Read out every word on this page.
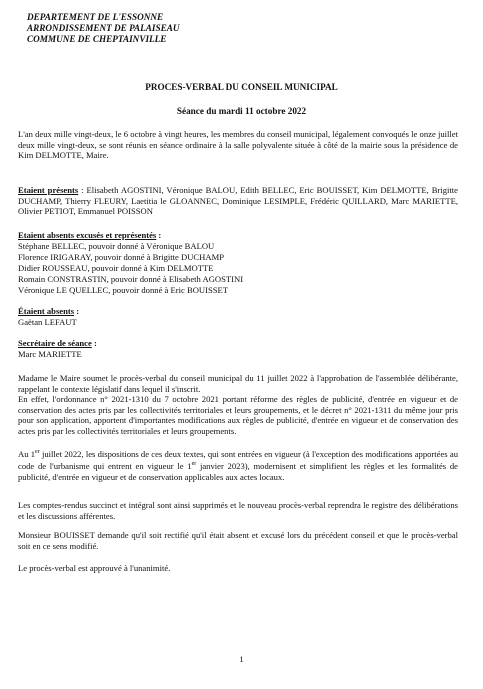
DEPARTEMENT DE L'ESSONNE
ARRONDISSEMENT DE PALAISEAU
COMMUNE DE CHEPTAINVILLE
PROCES-VERBAL DU CONSEIL MUNICIPAL
Séance du mardi 11 octobre 2022
L'an deux mille vingt-deux, le 6 octobre à vingt heures, les membres du conseil municipal, légalement convoqués le onze juillet deux mille vingt-deux, se sont réunis en séance ordinaire à la salle polyvalente située à côté de la mairie sous la présidence de Kim DELMOTTE, Maire.
Etaient présents : Elisabeth AGOSTINI, Véronique BALOU, Edith BELLEC, Eric BOUISSET, Kim DELMOTTE, Brigitte DUCHAMP, Thierry FLEURY, Laetitia le GLOANNEC, Dominique LESIMPLE, Frédéric QUILLARD, Marc MARIETTE, Olivier PETIOT, Emmanuel POISSON
Etaient absents excusés et représentés :
Stéphane BELLEC, pouvoir donné à Véronique BALOU
Florence IRIGARAY, pouvoir donné à Brigitte DUCHAMP
Didier ROUSSEAU, pouvoir donné à Kim DELMOTTE
Romain CONSTRASTIN, pouvoir donné à Elisabeth AGOSTINI
Véronique LE QUELLEC, pouvoir donné à Eric BOUISSET
Étaient absents :
Gaëtan LEFAUT
Secrétaire de séance :
Marc MARIETTE
Madame le Maire soumet le procès-verbal du conseil municipal du 11 juillet 2022 à l'approbation de l'assemblée délibérante, rappelant le contexte législatif dans lequel il s'inscrit.
En effet, l'ordonnance n° 2021-1310 du 7 octobre 2021 portant réforme des règles de publicité, d'entrée en vigueur et de conservation des actes pris par les collectivités territoriales et leurs groupements, et le décret n° 2021-1311 du même jour pris pour son application, apportent d'importantes modifications aux règles de publicité, d'entrée en vigueur et de conservation des actes pris par les collectivités territoriales et leurs groupements.
Au 1er juillet 2022, les dispositions de ces deux textes, qui sont entrées en vigueur (à l'exception des modifications apportées au code de l'urbanisme qui entrent en vigueur le 1er janvier 2023), modernisent et simplifient les règles et les formalités de publicité, d'entrée en vigueur et de conservation applicables aux actes locaux.
Les comptes-rendus succinct et intégral sont ainsi supprimés et le nouveau procès-verbal reprendra le registre des délibérations et les discussions afférentes.
Monsieur BOUISSET demande qu'il soit rectifié qu'il était absent et excusé lors du précédent conseil et que le procès-verbal soit en ce sens modifié.
Le procès-verbal est approuvé à l'unanimité.
1
